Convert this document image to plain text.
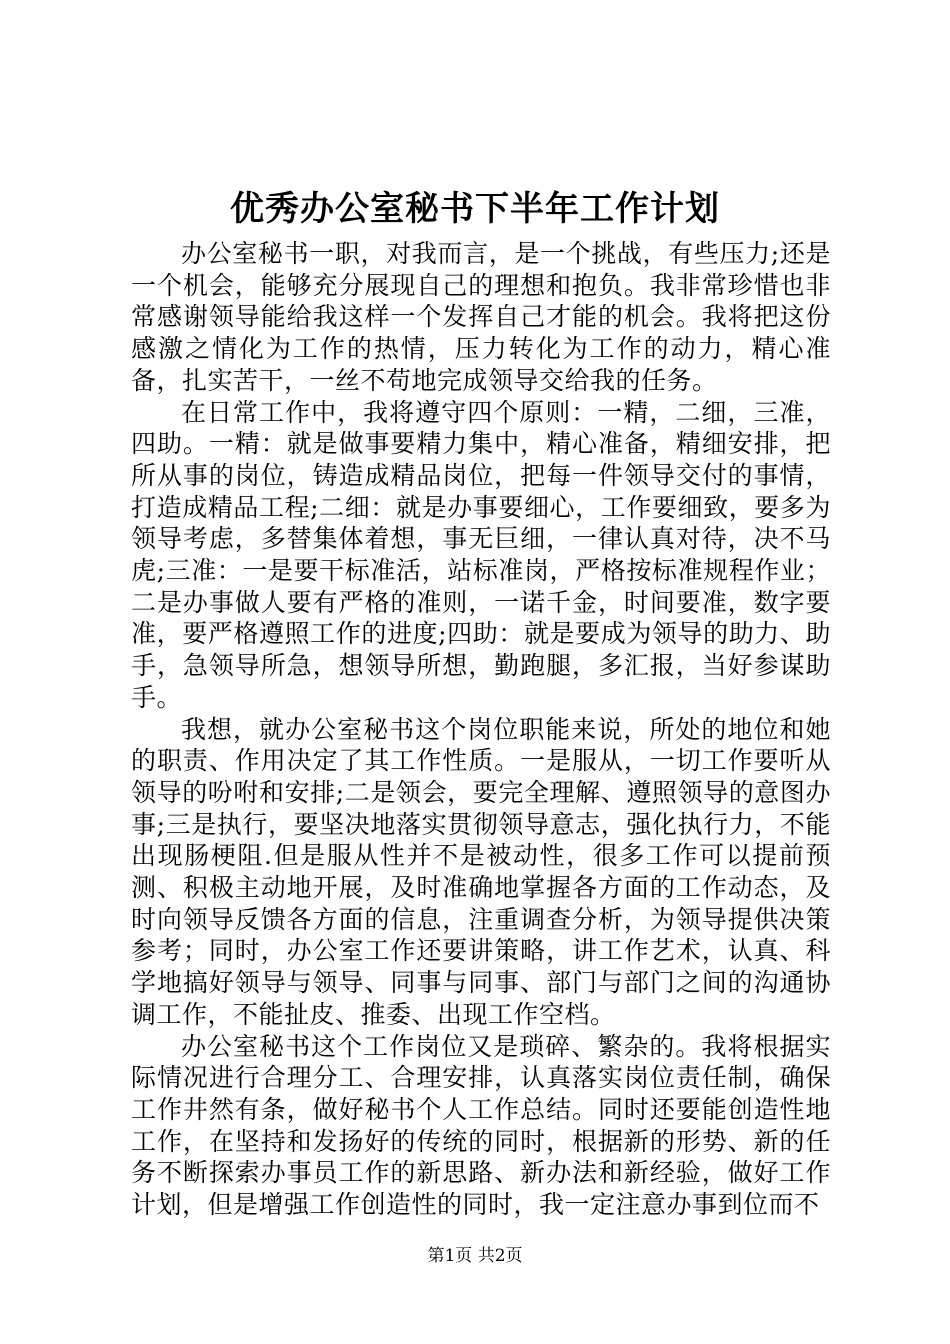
优秀办公室秘书下半年工作计划

办公室秘书一职，对我而言，是一个挑战，有些压力;还是一个机会，能够充分展现自己的理想和抱负。我非常珍惜也非常感谢领导能给我这样一个发挥自己才能的机会。我将把这份感激之情化为工作的热情，压力转化为工作的动力，精心准备，扎实苦干，一丝不苟地完成领导交给我的任务。

在日常工作中，我将遵守四个原则：一精，二细，三准，四助。一精：就是做事要精力集中，精心准备，精细安排，把所从事的岗位，铸造成精品岗位，把每一件领导交付的事情，打造成精品工程;二细：就是办事要细心，工作要细致，要多为领导考虑，多替集体着想，事无巨细，一律认真对待，决不马虎;三准：一是要干标准活，站标准岗，严格按标准规程作业；二是办事做人要有严格的准则，一诺千金，时间要准，数字要准，要严格遵照工作的进度;四助：就是要成为领导的助力、助手，急领导所急，想领导所想，勤跑腿，多汇报，当好参谋助手。

我想，就办公室秘书这个岗位职能来说，所处的地位和她的职责、作用决定了其工作性质。一是服从，一切工作要听从领导的吩咐和安排;二是领会，要完全理解、遵照领导的意图办事;三是执行，要坚决地落实贯彻领导意志，强化执行力，不能出现肠梗阻.但是服从性并不是被动性，很多工作可以提前预测、积极主动地开展，及时准确地掌握各方面的工作动态，及时向领导反馈各方面的信息，注重调查分析，为领导提供决策参考；同时，办公室工作还要讲策略，讲工作艺术，认真、科学地搞好领导与领导、同事与同事、部门与部门之间的沟通协调工作，不能扯皮、推委、出现工作空档。

办公室秘书这个工作岗位又是琐碎、繁杂的。我将根据实际情况进行合理分工、合理安排，认真落实岗位责任制，确保工作井然有条，做好秘书个人工作总结。同时还要能创造性地工作，在坚持和发扬好的传统的同时，根据新的形势、新的任务不断探索办事员工作的新思路、新办法和新经验，做好工作计划，但是增强工作创造性的同时，我一定注意办事到位而不

第1页 共2页
